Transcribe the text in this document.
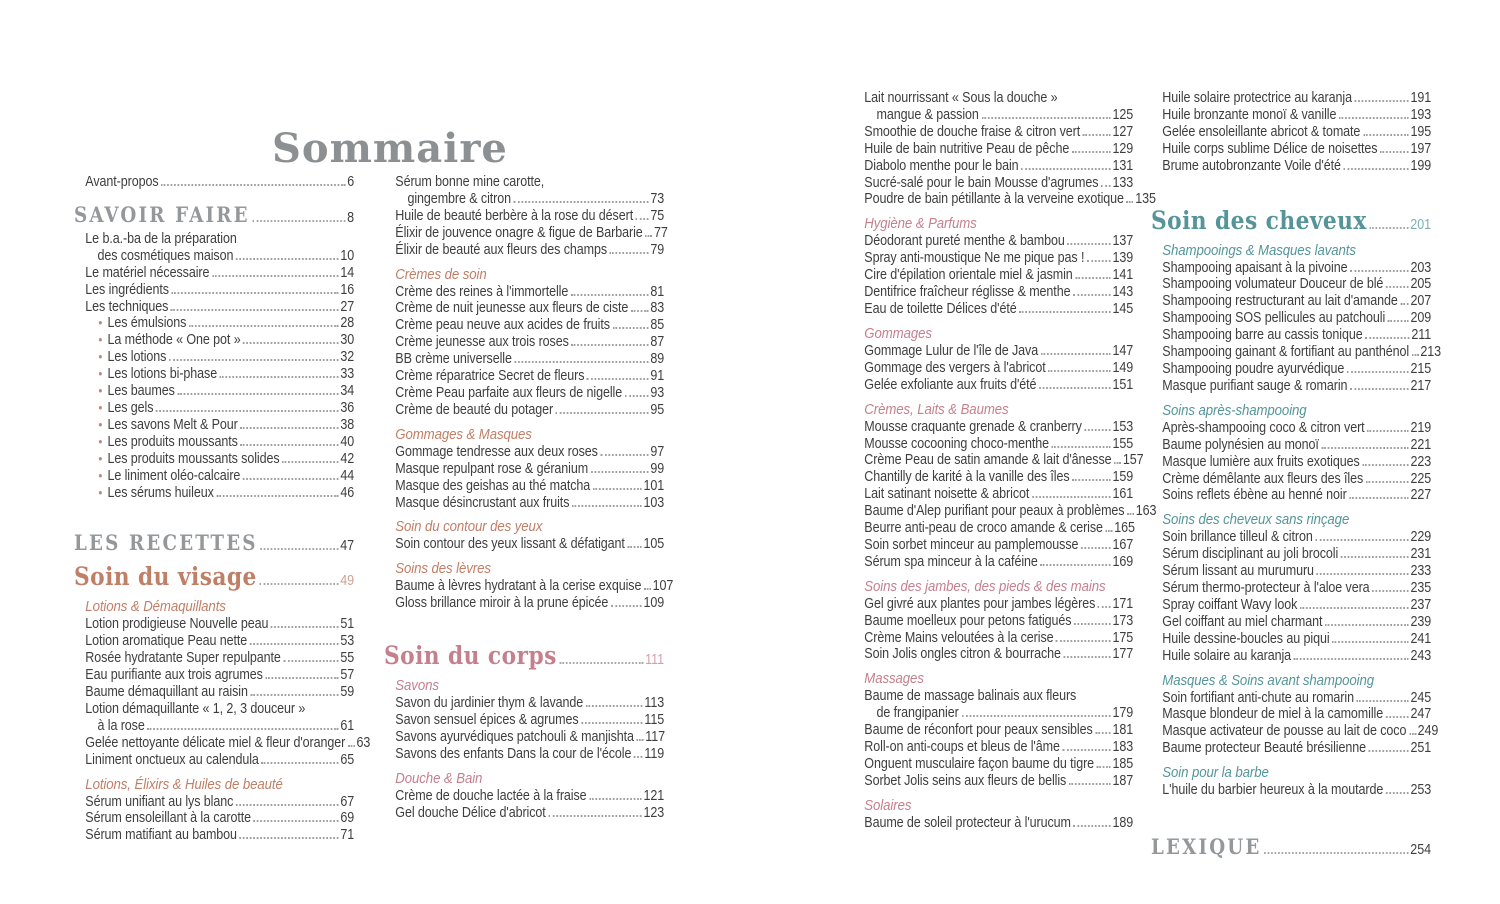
Sommaire
Avant-propos	6
SAVOIR FAIRE	8
Le b.a.-ba de la préparation
des cosmétiques maison	10
Le matériel nécessaire	14
Les ingrédients	16
Les techniques	27
• Les émulsions	28
• La méthode « One pot »	30
• Les lotions	32
• Les lotions bi-phase	33
• Les baumes	34
• Les gels	36
• Les savons Melt & Pour	38
• Les produits moussants	40
• Les produits moussants solides	42
• Le liniment oléo-calcaire	44
• Les sérums huileux	46
LES RECETTES	47
Soin du visage	49
Lotions & Démaquillants
Lotion prodigieuse Nouvelle peau	51
Lotion aromatique Peau nette	53
Rosée hydratante Super repulpante	55
Eau purifiante aux trois agrumes	57
Baume démaquillant au raisin	59
Lotion démaquillante « 1, 2, 3 douceur »
à la rose	61
Gelée nettoyante délicate miel & fleur d'oranger 63
Liniment onctueux au calendula	65
Lotions, Élixirs & Huiles de beauté
Sérum unifiant au lys blanc	67
Sérum ensoleillant à la carotte	69
Sérum matifiant au bambou	71
Sérum bonne mine carotte,
gingembre & citron	73
Huile de beauté berbère à la rose du désert 75
Élixir de jouvence onagre & figue de Barbarie 77
Élixir de beauté aux fleurs des champs	79
Crèmes de soin
Crème des reines à l'immortelle	81
Crème de nuit jeunesse aux fleurs de ciste 83
Crème peau neuve aux acides de fruits	85
Crème jeunesse aux trois roses	87
BB crème universelle	89
Crème réparatrice Secret de fleurs	91
Crème Peau parfaite aux fleurs de nigelle 93
Crème de beauté du potager	95
Gommages & Masques
Gommage tendresse aux deux roses	97
Masque repulpant rose & géranium	99
Masque des geishas au thé matcha	101
Masque désincrustant aux fruits	103
Soin du contour des yeux
Soin contour des yeux lissant & défatigant 105
Soins des lèvres
Baume à lèvres hydratant à la cerise exquise 107
Gloss brillance miroir à la prune épicée 109
Soin du corps	111
Savons
Savon du jardinier thym & lavande	113
Savon sensuel épices & agrumes	115
Savons ayurvédiques patchouli & manjishta 117
Savons des enfants Dans la cour de l'école 119
Douche & Bain
Crème de douche lactée à la fraise	121
Gel douche Délice d'abricot	123
Lait nourrissant « Sous la douche »
mangue & passion	125
Smoothie de douche fraise & citron vert 127
Huile de bain nutritive Peau de pêche	129
Diabolo menthe pour le bain	131
Sucré-salé pour le bain Mousse d'agrumes 133
Poudre de bain pétillante à la verveine exotique 135
Hygiène & Parfums
Déodorant pureté menthe & bambou	137
Spray anti-moustique Ne me pique pas ! 139
Cire d'épilation orientale miel & jasmin	141
Dentifrice fraîcheur réglisse & menthe	143
Eau de toilette Délices d'été	145
Gommages
Gommage Lulur de l'île de Java	147
Gommage des vergers à l'abricot	149
Gelée exfoliante aux fruits d'été	151
Crèmes, Laits & Baumes
Mousse craquante grenade & cranberry 153
Mousse cocooning choco-menthe	155
Crème Peau de satin amande & lait d'ânesse 157
Chantilly de karité à la vanille des îles	159
Lait satinant noisette & abricot	161
Baume d'Alep purifiant pour peaux à problèmes 163
Beurre anti-peau de croco amande & cerise 165
Soin sorbet minceur au pamplemousse 167
Sérum spa minceur à la caféine	169
Soins des jambes, des pieds & des mains
Gel givré aux plantes pour jambes légères 171
Baume moelleux pour petons fatigués	173
Crème Mains veloutées à la cerise	175
Soin Jolis ongles citron & bourrache	177
Massages
Baume de massage balinais aux fleurs
de frangipanier	179
Baume de réconfort pour peaux sensibles 181
Roll-on anti-coups et bleus de l'âme	183
Onguent musculaire façon baume du tigre 185
Sorbet Jolis seins aux fleurs de bellis	187
Solaires
Baume de soleil protecteur à l'urucum	189
Huile solaire protectrice au karanja	191
Huile bronzante monoï & vanille	193
Gelée ensoleillante abricot & tomate	195
Huile corps sublime Délice de noisettes 197
Brume autobronzante Voile d'été	199
Soin des cheveux	201
Shampooings & Masques lavants
Shampooing apaisant à la pivoine	203
Shampooing volumateur Douceur de blé 205
Shampooing restructurant au lait d'amande 207
Shampooing SOS pellicules au patchouli 209
Shampooing barre au cassis tonique	211
Shampooing gainant & fortifiant au panthénol 213
Shampooing poudre ayurvédique	215
Masque purifiant sauge & romarin	217
Soins après-shampooing
Après-shampooing coco & citron vert	219
Baume polynésien au monoï	221
Masque lumière aux fruits exotiques	223
Crème démêlante aux fleurs des îles	225
Soins reflets ébène au henné noir	227
Soins des cheveux sans rinçage
Soin brillance tilleul & citron	229
Sérum disciplinant au joli brocoli	231
Sérum lissant au murumuru	233
Sérum thermo-protecteur à l'aloe vera	235
Spray coiffant Wavy look	237
Gel coiffant au miel charmant	239
Huile dessine-boucles au piqui	241
Huile solaire au karanja	243
Masques & Soins avant shampooing
Soin fortifiant anti-chute au romarin	245
Masque blondeur de miel à la camomille 247
Masque activateur de pousse au lait de coco 249
Baume protecteur Beauté brésilienne	251
Soin pour la barbe
L'huile du barbier heureux à la moutarde 253
LEXIQUE	254
